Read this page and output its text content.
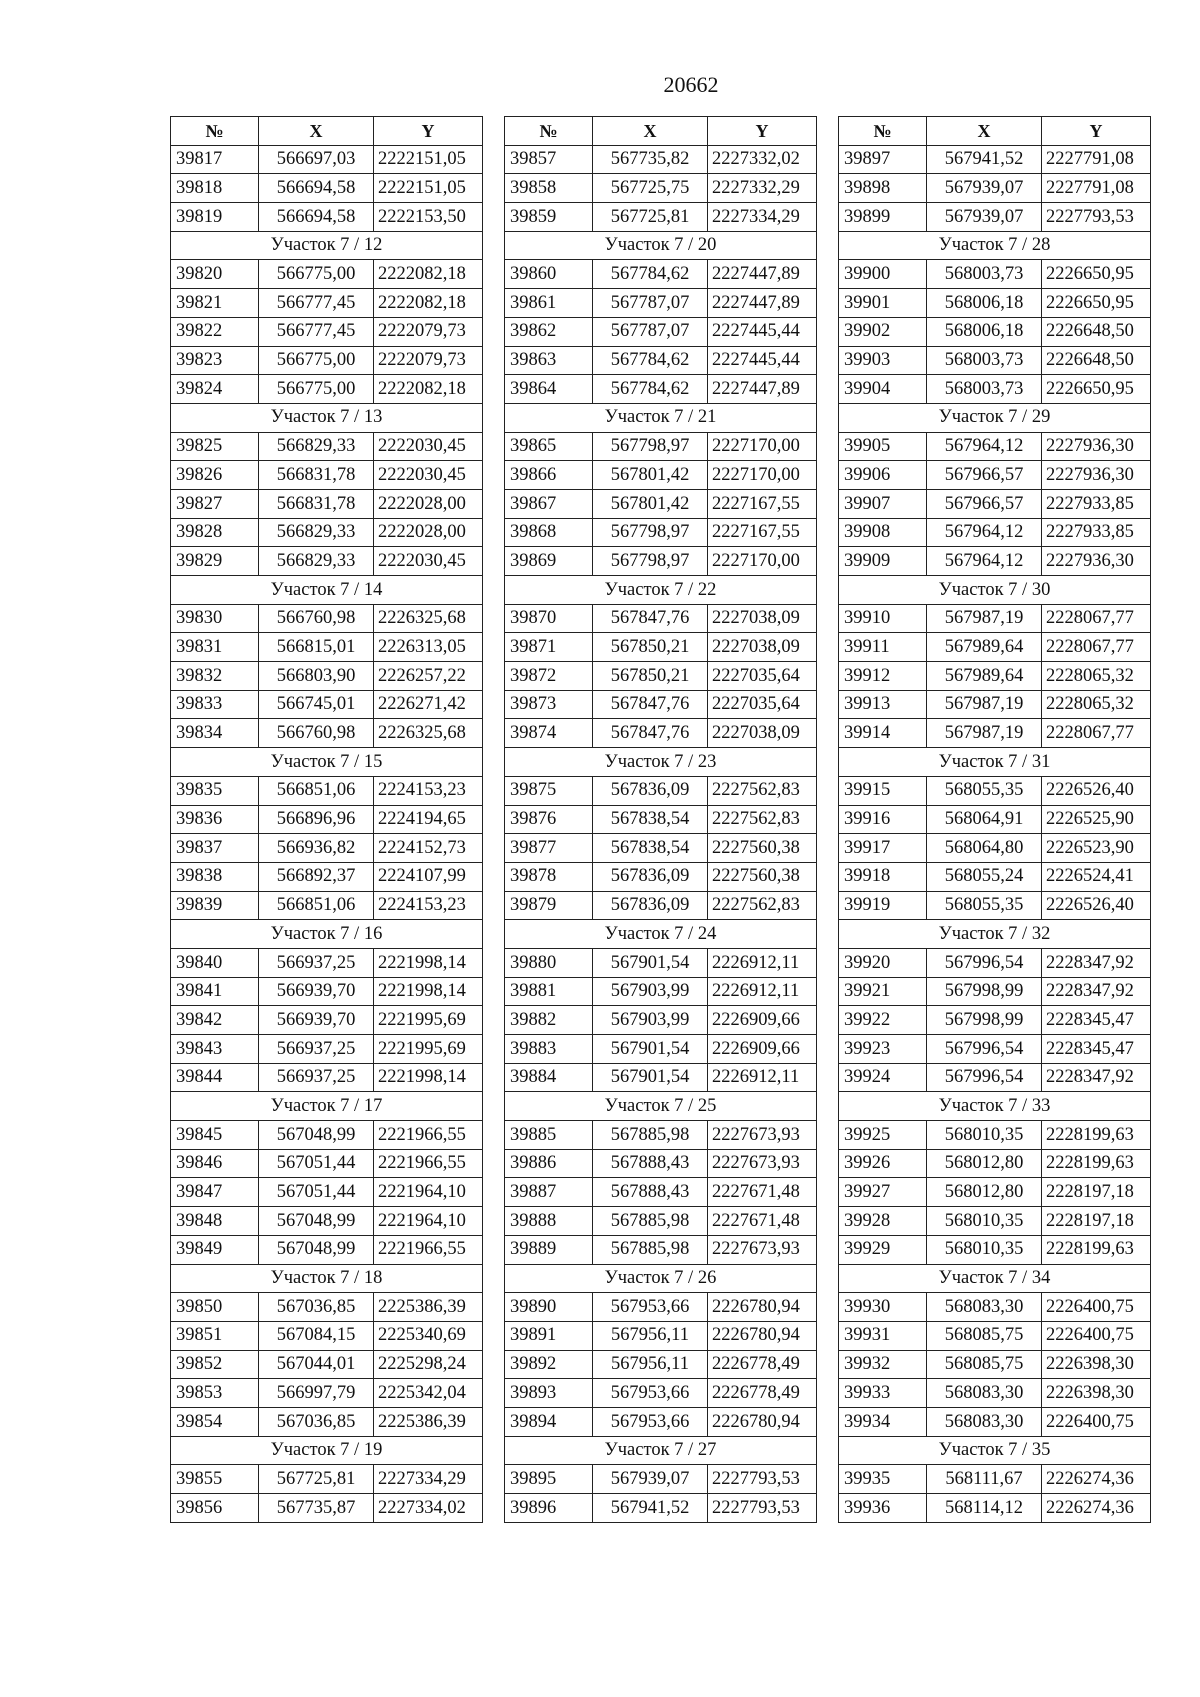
20662
№	X	Y
39817	566697,03	2222151,05
39818	566694,58	2222151,05
39819	566694,58	2222153,50
Участок 7 / 12		
39820	566775,00	2222082,18
39821	566777,45	2222082,18
39822	566777,45	2222079,73
39823	566775,00	2222079,73
39824	566775,00	2222082,18
Участок 7 / 13		
39825	566829,33	2222030,45
39826	566831,78	2222030,45
39827	566831,78	2222028,00
39828	566829,33	2222028,00
39829	566829,33	2222030,45
Участок 7 / 14		
39830	566760,98	2226325,68
39831	566815,01	2226313,05
39832	566803,90	2226257,22
39833	566745,01	2226271,42
39834	566760,98	2226325,68
Участок 7 / 15		
39835	566851,06	2224153,23
39836	566896,96	2224194,65
39837	566936,82	2224152,73
39838	566892,37	2224107,99
39839	566851,06	2224153,23
Участок 7 / 16		
39840	566937,25	2221998,14
39841	566939,70	2221998,14
39842	566939,70	2221995,69
39843	566937,25	2221995,69
39844	566937,25	2221998,14
Участок 7 / 17		
39845	567048,99	2221966,55
39846	567051,44	2221966,55
39847	567051,44	2221964,10
39848	567048,99	2221964,10
39849	567048,99	2221966,55
Участок 7 / 18		
39850	567036,85	2225386,39
39851	567084,15	2225340,69
39852	567044,01	2225298,24
39853	566997,79	2225342,04
39854	567036,85	2225386,39
Участок 7 / 19		
39855	567725,81	2227334,29
39856	567735,87	2227334,02
№	X	Y
39857	567735,82	2227332,02
39858	567725,75	2227332,29
39859	567725,81	2227334,29
Участок 7 / 20		
39860	567784,62	2227447,89
39861	567787,07	2227447,89
39862	567787,07	2227445,44
39863	567784,62	2227445,44
39864	567784,62	2227447,89
Участок 7 / 21		
39865	567798,97	2227170,00
39866	567801,42	2227170,00
39867	567801,42	2227167,55
39868	567798,97	2227167,55
39869	567798,97	2227170,00
Участок 7 / 22		
39870	567847,76	2227038,09
39871	567850,21	2227038,09
39872	567850,21	2227035,64
39873	567847,76	2227035,64
39874	567847,76	2227038,09
Участок 7 / 23		
39875	567836,09	2227562,83
39876	567838,54	2227562,83
39877	567838,54	2227560,38
39878	567836,09	2227560,38
39879	567836,09	2227562,83
Участок 7 / 24		
39880	567901,54	2226912,11
39881	567903,99	2226912,11
39882	567903,99	2226909,66
39883	567901,54	2226909,66
39884	567901,54	2226912,11
Участок 7 / 25		
39885	567885,98	2227673,93
39886	567888,43	2227673,93
39887	567888,43	2227671,48
39888	567885,98	2227671,48
39889	567885,98	2227673,93
Участок 7 / 26		
39890	567953,66	2226780,94
39891	567956,11	2226780,94
39892	567956,11	2226778,49
39893	567953,66	2226778,49
39894	567953,66	2226780,94
Участок 7 / 27		
39895	567939,07	2227793,53
39896	567941,52	2227793,53
№	X	Y
39897	567941,52	2227791,08
39898	567939,07	2227791,08
39899	567939,07	2227793,53
Участок 7 / 28		
39900	568003,73	2226650,95
39901	568006,18	2226650,95
39902	568006,18	2226648,50
39903	568003,73	2226648,50
39904	568003,73	2226650,95
Участок 7 / 29		
39905	567964,12	2227936,30
39906	567966,57	2227936,30
39907	567966,57	2227933,85
39908	567964,12	2227933,85
39909	567964,12	2227936,30
Участок 7 / 30		
39910	567987,19	2228067,77
39911	567989,64	2228067,77
39912	567989,64	2228065,32
39913	567987,19	2228065,32
39914	567987,19	2228067,77
Участок 7 / 31		
39915	568055,35	2226526,40
39916	568064,91	2226525,90
39917	568064,80	2226523,90
39918	568055,24	2226524,41
39919	568055,35	2226526,40
Участок 7 / 32		
39920	567996,54	2228347,92
39921	567998,99	2228347,92
39922	567998,99	2228345,47
39923	567996,54	2228345,47
39924	567996,54	2228347,92
Участок 7 / 33		
39925	568010,35	2228199,63
39926	568012,80	2228199,63
39927	568012,80	2228197,18
39928	568010,35	2228197,18
39929	568010,35	2228199,63
Участок 7 / 34		
39930	568083,30	2226400,75
39931	568085,75	2226400,75
39932	568085,75	2226398,30
39933	568083,30	2226398,30
39934	568083,30	2226400,75
Участок 7 / 35		
39935	568111,67	2226274,36
39936	568114,12	2226274,36
